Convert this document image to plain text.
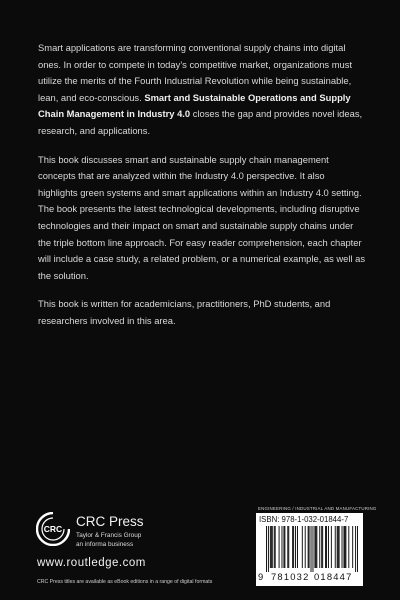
Smart applications are transforming conventional supply chains into digital ones. In order to compete in today’s competitive market, organizations must utilize the merits of the Fourth Industrial Revolution while being sustainable, lean, and eco-conscious. Smart and Sustainable Operations and Supply Chain Management in Industry 4.0 closes the gap and provides novel ideas, research, and applications.

This book discusses smart and sustainable supply chain management concepts that are analyzed within the Industry 4.0 perspective. It also highlights green systems and smart applications within an Industry 4.0 setting. The book presents the latest technological developments, including disruptive technologies and their impact on smart and sustainable supply chains under the triple bottom line approach. For easy reader comprehension, each chapter will include a case study, a related problem, or a numerical example, as well as the solution.

This book is written for academicians, practitioners, PhD students, and researchers involved in this area.

CRC CRC Press
Taylor & Francis Group
an informa business
www.routledge.com
CRC Press titles are available as eBook editions in a range of digital formats
ENGINEERING / INDUSTRIAL AND MANUFACTURING
ISBN: 978-1-032-01844-7
9 781032 018447
